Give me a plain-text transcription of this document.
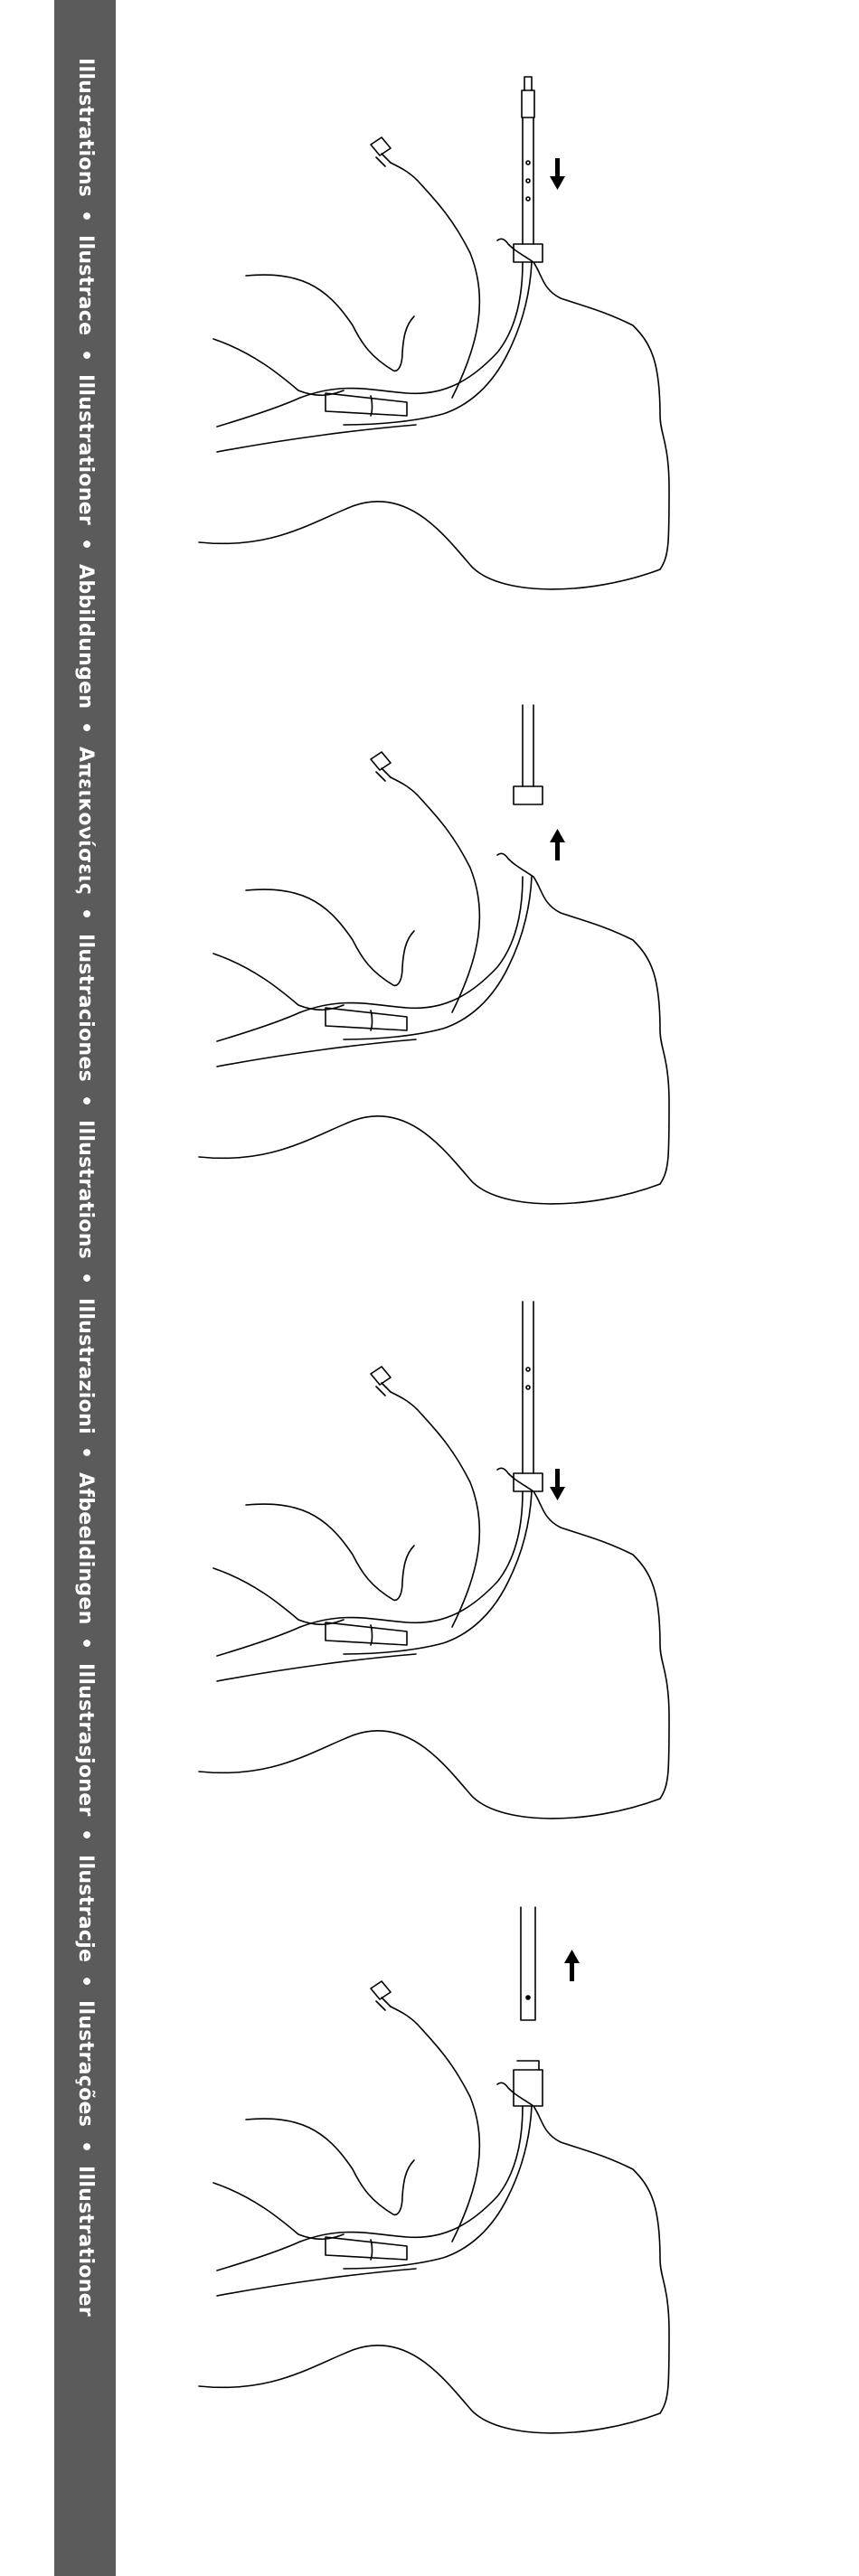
Illustrations
•
Ilustrace
•
Illustrationer
•
Abbildungen
•
Απεικονίσεις
•
Ilustraciones
•
Illustrations
•
Illustrazioni
•
Afbeeldingen
•
Illustrasjoner
•
Ilustracje
•
Ilustrações
•
Illustrationer
